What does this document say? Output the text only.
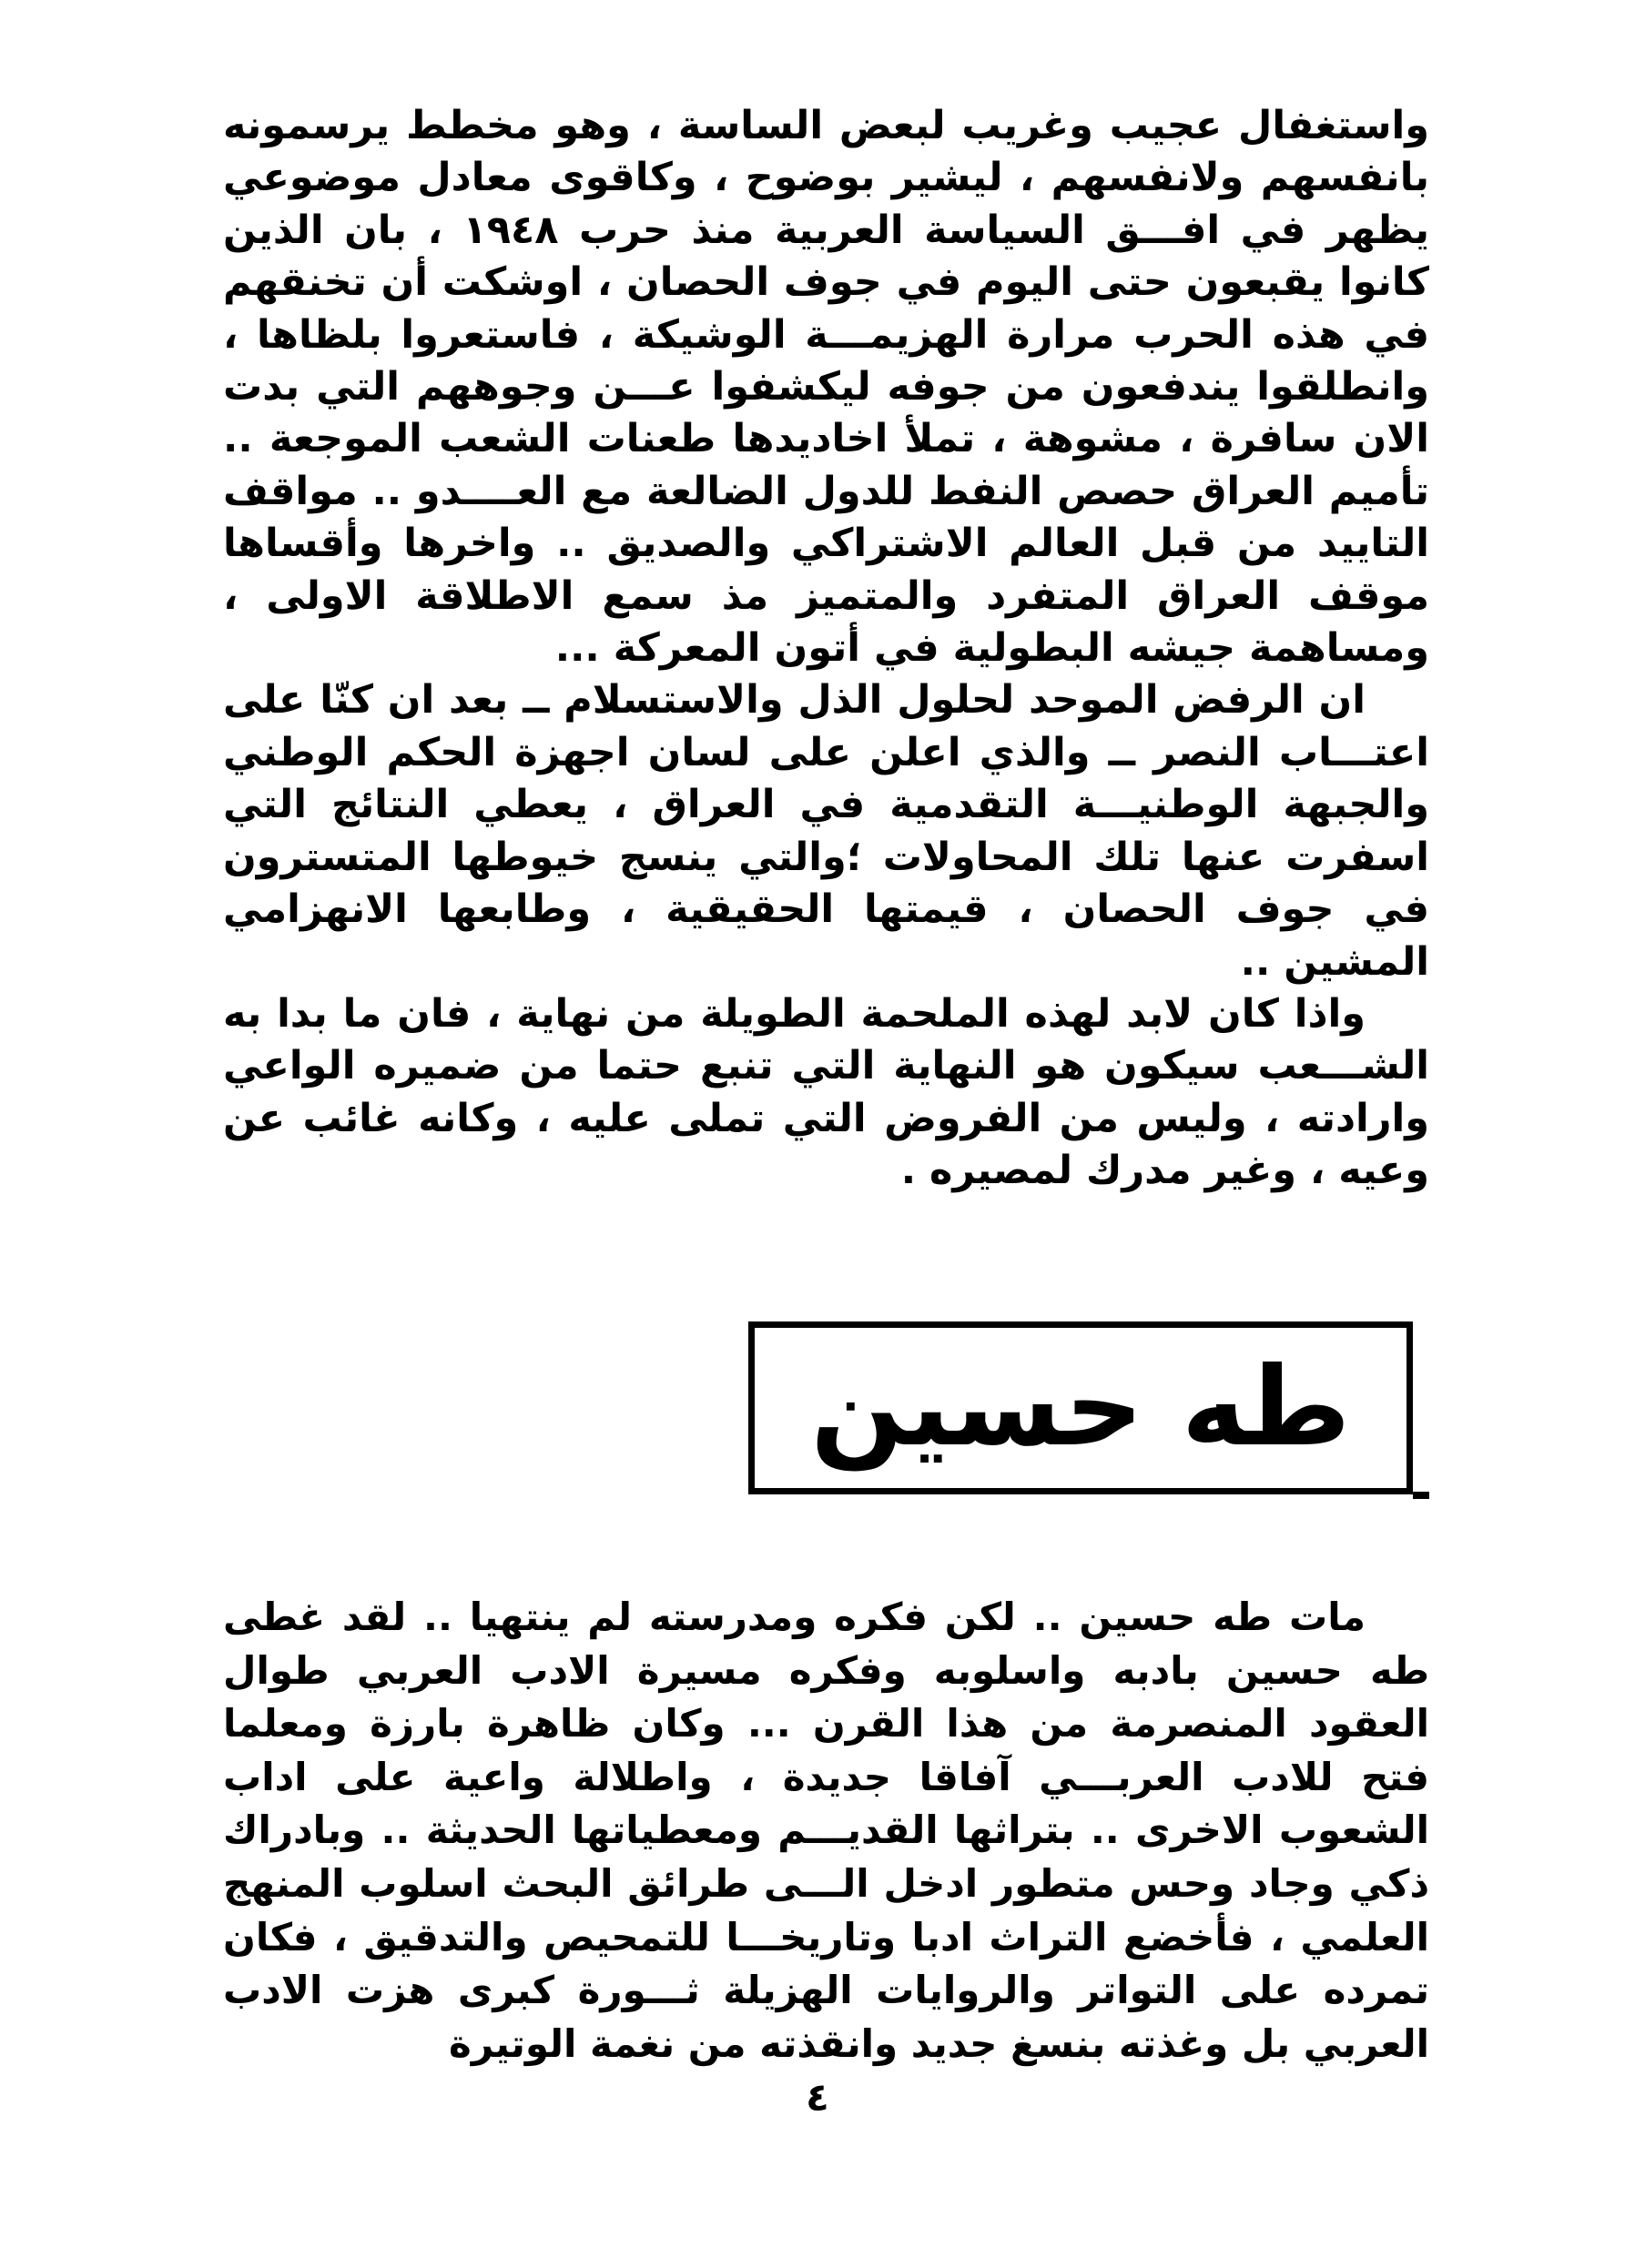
واستغفال عجيب وغريب لبعض الساسة ، وهو مخطط يرسمونه بانفسهم ولانفسهم ، ليشير بوضوح ، وكاقوى معادل موضوعي يظهر في افـــق السياسة العربية منذ حرب ١٩٤٨ ، بان الذين كانوا يقبعون حتى اليوم في جوف الحصان ، اوشكت أن تخنقهم في هذه الحرب مرارة الهزيمـــة الوشيكة ، فاستعروا بلظاها ، وانطلقوا يندفعون من جوفه ليكشفوا عـــن وجوههم التي بدت الان سافرة ، مشوهة ، تملأ اخاديدها طعنات الشعب الموجعة .. تأميم العراق حصص النفط للدول الضالعة مع العــــدو .. مواقف التاييد من قبل العالم الاشتراكي والصديق .. واخرها وأقساها موقف العراق المتفرد والمتميز مذ سمع الاطلاقة الاولى ، ومساهمة جيشه البطولية في أتون المعركة ...

ان الرفض الموحد لحلول الذل والاستسلام ــ بعد ان كنّا على اعتـــاب النصر ــ والذي اعلن على لسان اجهزة الحكم الوطني والجبهة الوطنيـــة التقدمية في العراق ، يعطي النتائج التي اسفرت عنها تلك المحاولات ؛والتي ينسج خيوطها المتسترون في جوف الحصان ، قيمتها الحقيقية ، وطابعها الانهزامي المشين ..

واذا كان لابد لهذه الملحمة الطويلة من نهاية ، فان ما بدا به الشـــعب سيكون هو النهاية التي تنبع حتما من ضميره الواعي وارادته ، وليس من الفروض التي تملى عليه ، وكانه غائب عن وعيه ، وغير مدرك لمصيره .

طه حسين

مات طه حسين .. لكن فكره ومدرسته لم ينتهيا .. لقد غطى طه حسين بادبه واسلوبه وفكره مسيرة الادب العربي طوال العقود المنصرمة من هذا القرن ... وكان ظاهرة بارزة ومعلما فتح للادب العربـــي آفاقا جديدة ، واطلالة واعية على اداب الشعوب الاخرى .. بتراثها القديـــم ومعطياتها الحديثة .. وبادراك ذكي وجاد وحس متطور ادخل الـــى طرائق البحث اسلوب المنهج العلمي ، فأخضع التراث ادبا وتاريخـــا للتمحيص والتدقيق ، فكان تمرده على التواتر والروايات الهزيلة ثـــورة كبرى هزت الادب العربي بل وغذته بنسغ جديد وانقذته من نغمة الوتيرة

٤
